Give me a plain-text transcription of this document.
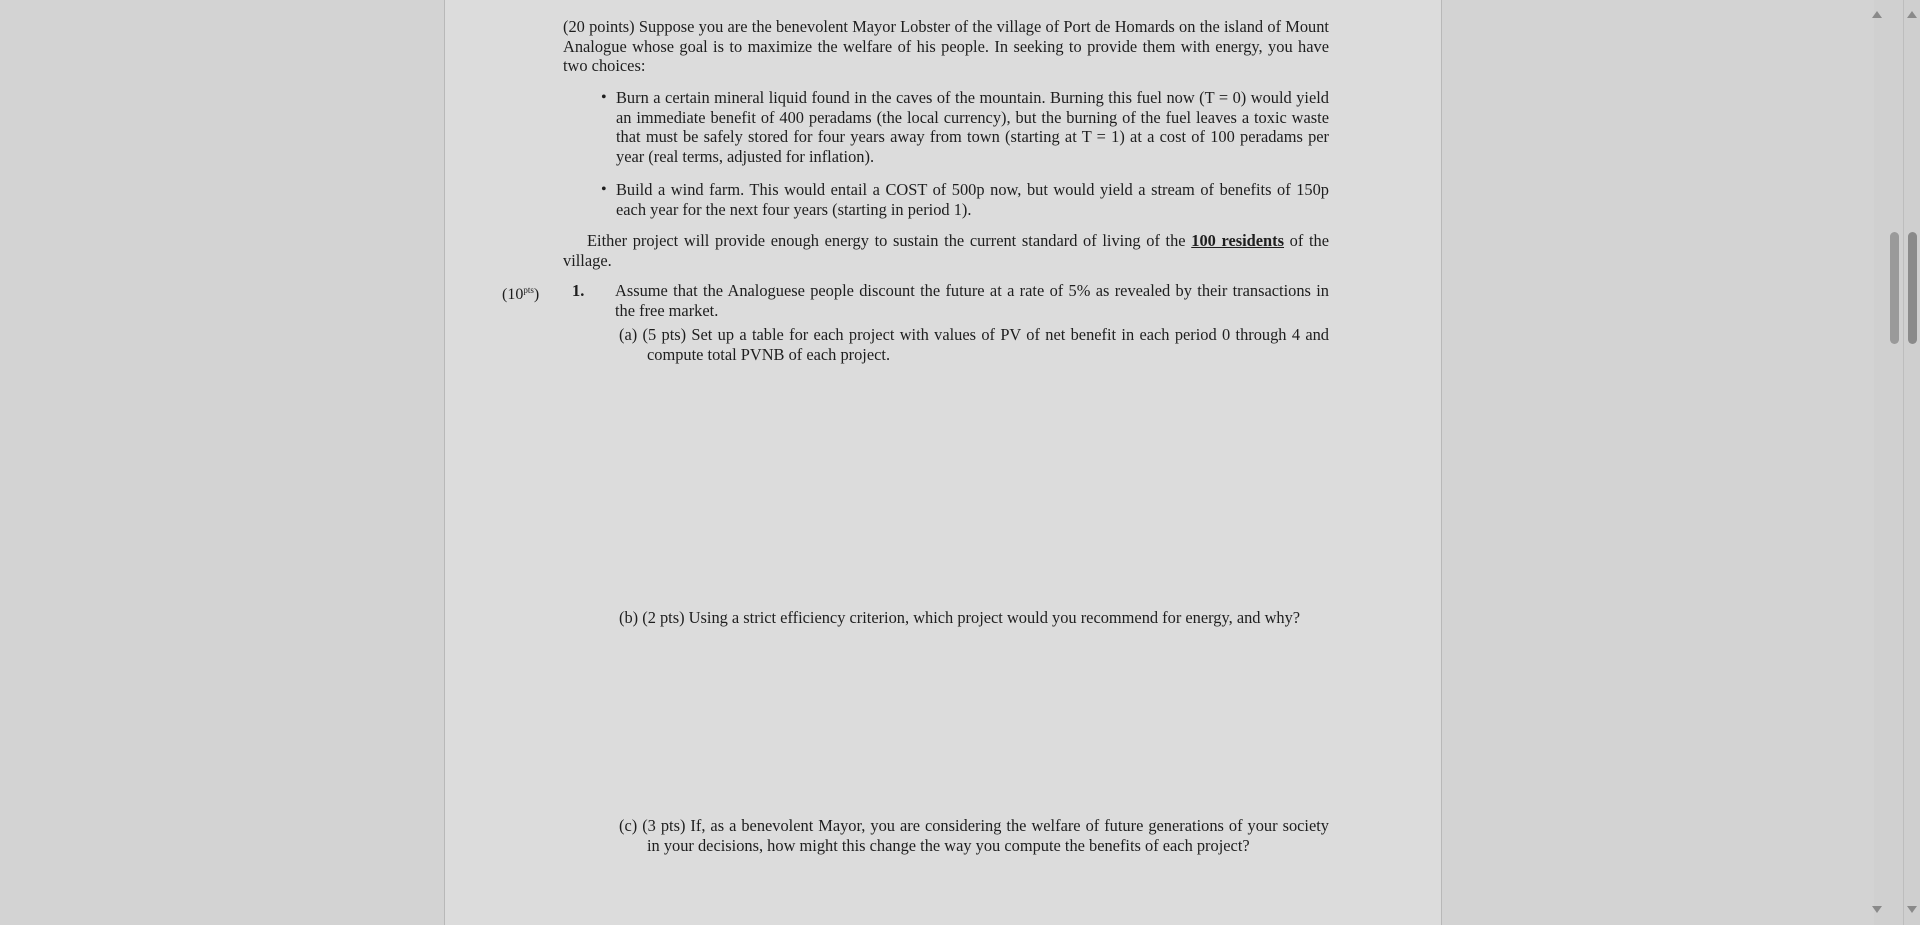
(20 points) Suppose you are the benevolent Mayor Lobster of the village of Port de Homards on the island of Mount Analogue whose goal is to maximize the welfare of his people. In seeking to provide them with energy, you have two choices:
• Burn a certain mineral liquid found in the caves of the mountain. Burning this fuel now (T = 0) would yield an immediate benefit of 400 peradams (the local currency), but the burning of the fuel leaves a toxic waste that must be safely stored for four years away from town (starting at T = 1) at a cost of 100 peradams per year (real terms, adjusted for inflation).
• Build a wind farm. This would entail a COST of 500p now, but would yield a stream of benefits of 150p each year for the next four years (starting in period 1).
Either project will provide enough energy to sustain the current standard of living of the 100 residents of the village.
$(10^{pts})$ 1.	Assume that the Analoguese people discount the future at a rate of 5% as revealed by their transactions in the free market.
(a) (5 pts) Set up a table for each project with values of PV of net benefit in each period 0 through 4 and compute total PVNB of each project.
(b) (2 pts) Using a strict efficiency criterion, which project would you recommend for energy, and why?
(c) (3 pts) If, as a benevolent Mayor, you are considering the welfare of future generations of your society in your decisions, how might this change the way you compute the benefits of each project?
